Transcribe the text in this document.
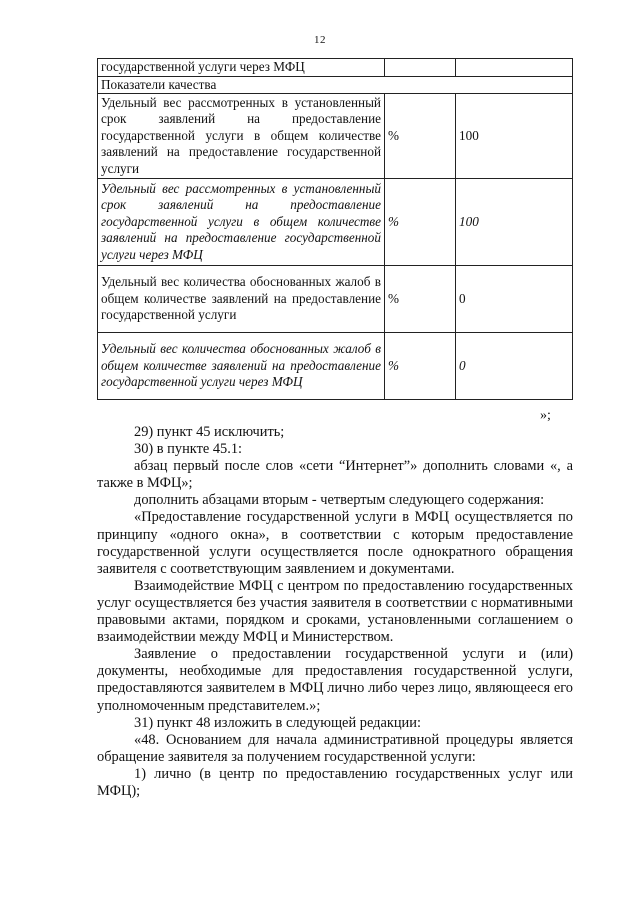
12
государственной услуги через МФЦ		
Показатели качества		
Удельный вес рассмотренных в установленный срок заявлений на предоставление государственной услуги в общем количестве заявлений на предоставление государственной услуги	%	100
Удельный вес рассмотренных в установленный срок заявлений на предоставление государственной услуги в общем количестве заявлений на предоставление государственной услуги через МФЦ	%	100
Удельный вес количества обоснованных жалоб в общем количестве заявлений на предоставление государственной услуги	%	0
Удельный вес количества обоснованных жалоб в общем количестве заявлений на предоставление государственной услуги через МФЦ	%	0
»;

29) пункт 45 исключить;

30) в пункте 45.1:

абзац первый после слов «сети “Интернет”» дополнить словами «, а также в МФЦ»;

дополнить абзацами вторым - четвертым следующего содержания:

«Предоставление государственной услуги в МФЦ осуществляется по принципу «одного окна», в соответствии с которым предоставление государственной услуги осуществляется после однократного обращения заявителя с соответствующим заявлением и документами.

Взаимодействие МФЦ с центром по предоставлению государственных услуг осуществляется без участия заявителя в соответствии с нормативными правовыми актами, порядком и сроками, установленными соглашением о взаимодействии между МФЦ и Министерством.

Заявление о предоставлении государственной услуги и (или) документы, необходимые для предоставления государственной услуги, предоставляются заявителем в МФЦ лично либо через лицо, являющееся его уполномоченным представителем.»;

31) пункт 48 изложить в следующей редакции:

«48. Основанием для начала административной процедуры является обращение заявителя за получением государственной услуги:

1) лично (в центр по предоставлению государственных услуг или МФЦ);
